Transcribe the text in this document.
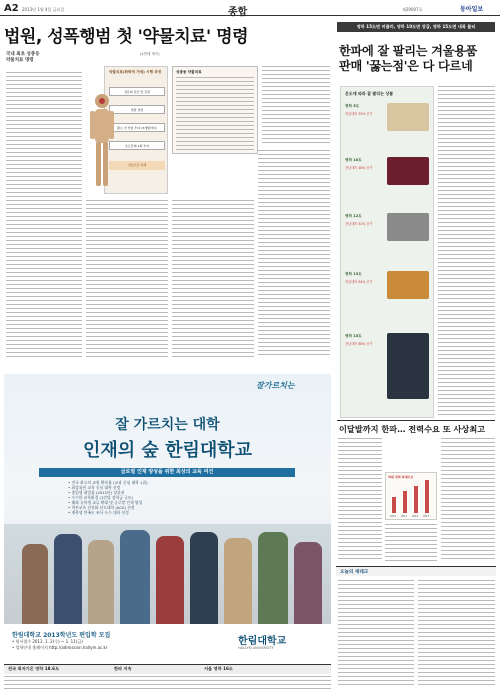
A2 2013년 1월 4일 금요일	종합	제29007호	동아일보
법원, 성폭행범 첫 '약물치료' 명령
국내 최초 성충동
약물치료 명령
(4면에 계속)
약물치료(화학적 거세) 시행 과정
전문의 진단 및 감정
법원 결정
출소 전 약물 투여 (3개월마다)
호르몬제 1회 투여
성호르몬 억제
성충동 약물치료
잘가르치는
잘 가르치는 대학
인재의 숲 한림대학교
글로벌 인재 양성을 위한 최상의 교육 여건
• 전국 최고의 교원 확보율 (교과 중심 대학 1위)
• 최상위권 교육 중심 대학 선정
• 졸업생 취업률 (2012년) 상위권
• 우수한 교육환경 (1인당 장학금 규모)
• 해외 유학생 교류 확대 및 글로벌 인재 양성
• 학부교육 선진화 선도대학 (ACE) 선정
• 재학생 만족도 조사 우수 대학 선정
한림대학교 2013학년도 편입학 모집
• 원서접수 2013. 1. 2(수) ~ 1. 11(금)
• 입학안내 홈페이지 http://admission.hallym.ac.kr
한림대학교
HALLYM UNIVERSITY
영하 15도면 머플러, 영하 10도면 장갑, 영하 15도면 내복 불티
한파에 잘 팔리는 겨울용품
판매 '꿇는점'은 다 다르네
온도에 따라 잘 팔리는 상품
영하 5도
전년대비 35% 증가
영하 10도
전년대비 48% 증가
영하 12도
전년대비 52% 증가
영하 13도
전년대비 64% 증가
영하 15도
전년대비 86% 증가
이달발까지 한파… 전력수요 또 사상최고
역대 전력 최대수요
2010 2011 2012 2013
전국 최저기온 영하 18.6도	한파 지속	서울 영하 16도
오늘의 재테크
